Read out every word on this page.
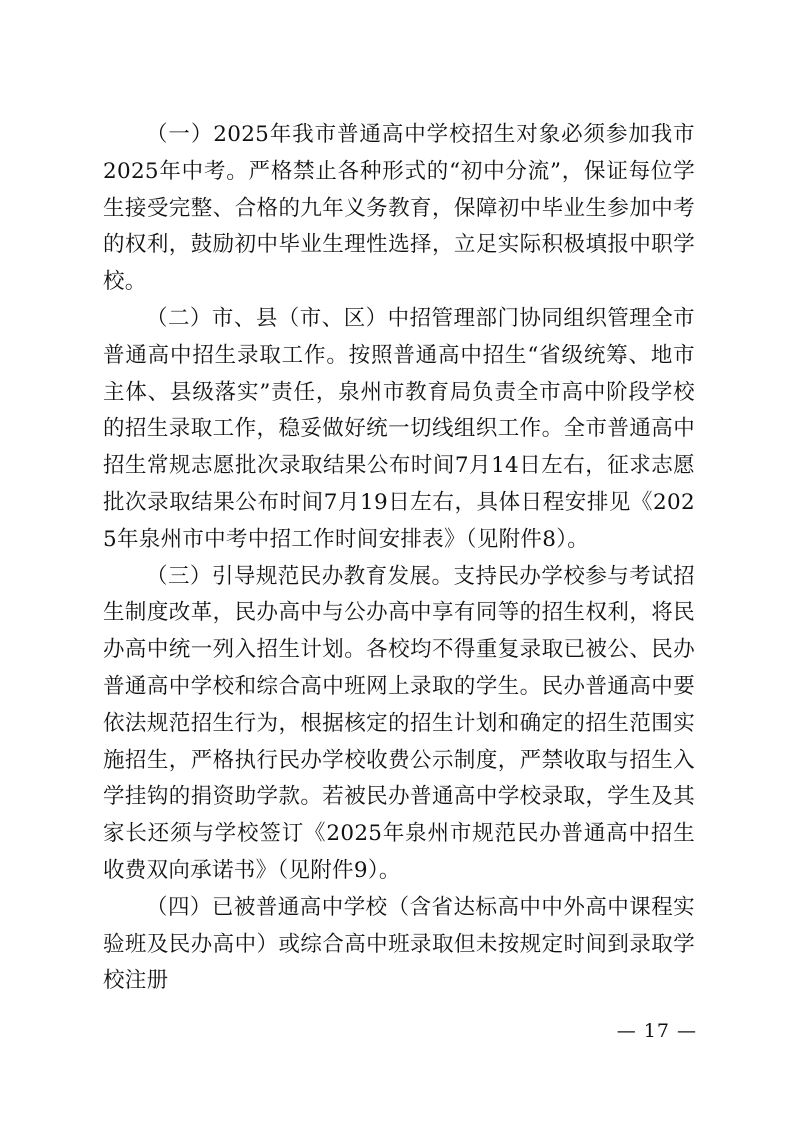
（一）2025年我市普通高中学校招生对象必须参加我市2025年中考。严格禁止各种形式的“初中分流”，保证每位学生接受完整、合格的九年义务教育，保障初中毕业生参加中考的权利，鼓励初中毕业生理性选择，立足实际积极填报中职学校。

（二）市、县（市、区）中招管理部门协同组织管理全市普通高中招生录取工作。按照普通高中招生“省级统筹、地市主体、县级落实”责任，泉州市教育局负责全市高中阶段学校的招生录取工作，稳妥做好统一切线组织工作。全市普通高中招生常规志愿批次录取结果公布时间7月14日左右，征求志愿批次录取结果公布时间7月19日左右，具体日程安排见《2025年泉州市中考中招工作时间安排表》（见附件8）。

（三）引导规范民办教育发展。支持民办学校参与考试招生制度改革，民办高中与公办高中享有同等的招生权利，将民办高中统一列入招生计划。各校均不得重复录取已被公、民办普通高中学校和综合高中班网上录取的学生。民办普通高中要依法规范招生行为，根据核定的招生计划和确定的招生范围实施招生，严格执行民办学校收费公示制度，严禁收取与招生入学挂钩的捐资助学款。若被民办普通高中学校录取，学生及其家长还须与学校签订《2025年泉州市规范民办普通高中招生收费双向承诺书》（见附件9）。

（四）已被普通高中学校（含省达标高中中外高中课程实验班及民办高中）或综合高中班录取但未按规定时间到录取学校注册

— 17 —
